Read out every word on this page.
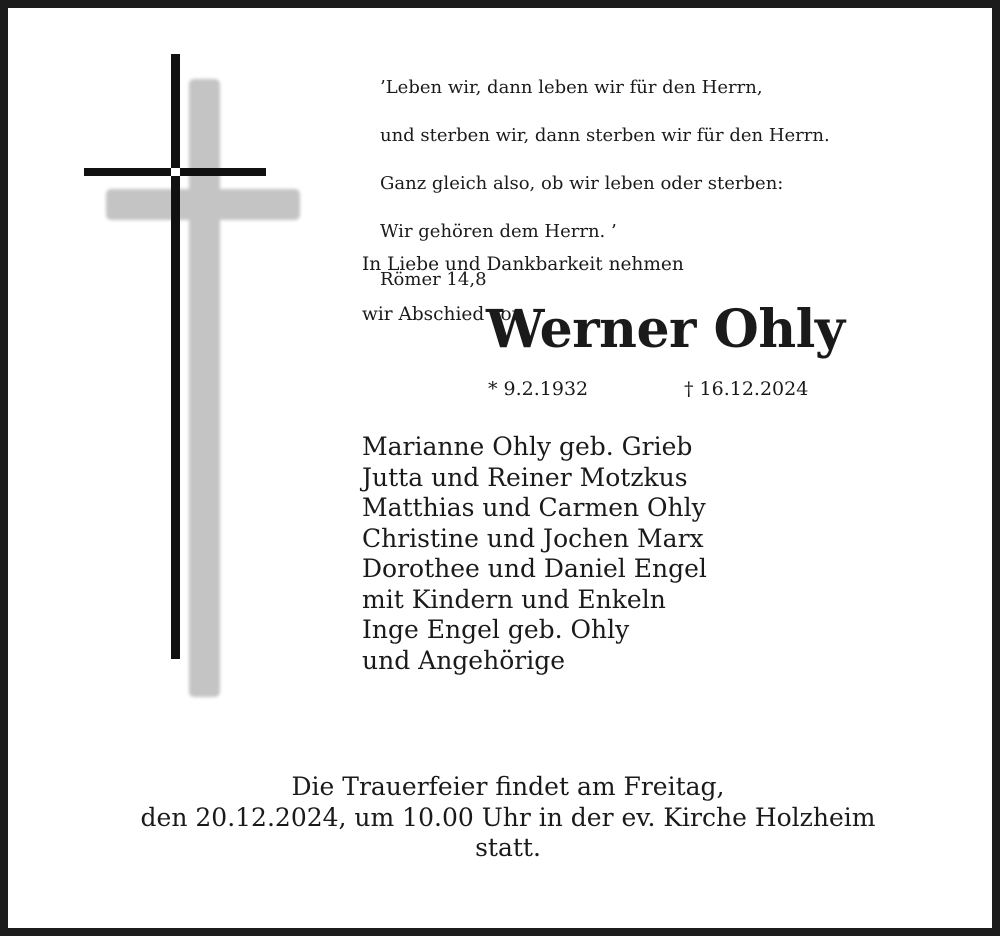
’Leben wir, dann leben wir für den Herrn,

und sterben wir, dann sterben wir für den Herrn.

Ganz gleich also, ob wir leben oder sterben:

Wir gehören dem Herrn. ’

Römer 14,8

In Liebe und Dankbarkeit nehmen

wir Abschied von

Werner Ohly
* 9.2.1932	† 16.12.2024
Marianne Ohly geb. Grieb
Jutta und Reiner Motzkus
Matthias und Carmen Ohly
Christine und Jochen Marx
Dorothee und Daniel Engel
mit Kindern und Enkeln
Inge Engel geb. Ohly
und Angehörige
Die Trauerfeier findet am Freitag,
den 20.12.2024, um 10.00 Uhr in der ev. Kirche Holzheim
statt.
